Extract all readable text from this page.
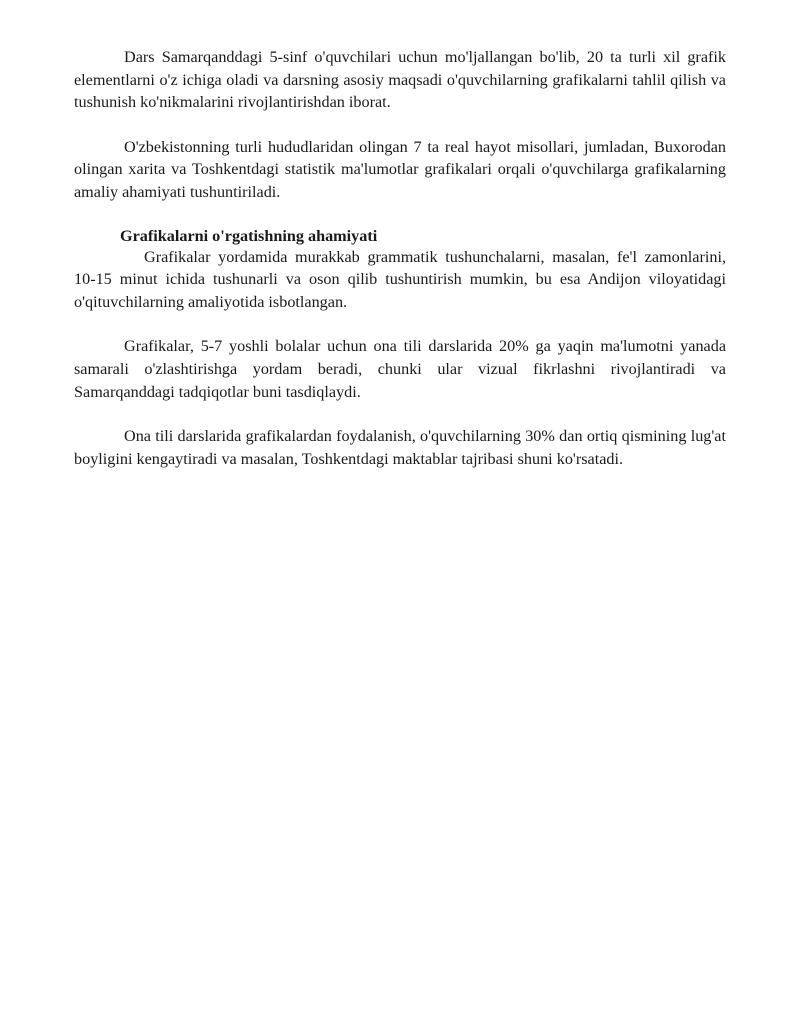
Dars Samarqanddagi 5-sinf o'quvchilari uchun mo'ljallangan bo'lib, 20 ta turli xil grafik elementlarni o'z ichiga oladi va darsning asosiy maqsadi o'quvchilarning grafikalarni tahlil qilish va tushunish ko'nikmalarini rivojlantirishdan iborat.

O'zbekistonning turli hududlaridan olingan 7 ta real hayot misollari, jumladan, Buxorodan olingan xarita va Toshkentdagi statistik ma'lumotlar grafikalari orqali o'quvchilarga grafikalarning amaliy ahamiyati tushuntiriladi.

Grafikalarni o'rgatishning ahamiyati

Grafikalar yordamida murakkab grammatik tushunchalarni, masalan, fe'l zamonlarini, 10-15 minut ichida tushunarli va oson qilib tushuntirish mumkin, bu esa Andijon viloyatidagi o'qituvchilarning amaliyotida isbotlangan.

Grafikalar, 5-7 yoshli bolalar uchun ona tili darslarida 20% ga yaqin ma'lumotni yanada samarali o'zlashtirishga yordam beradi, chunki ular vizual fikrlashni rivojlantiradi va Samarqanddagi tadqiqotlar buni tasdiqlaydi.

Ona tili darslarida grafikalardan foydalanish, o'quvchilarning 30% dan ortiq qismining lug'at boyligini kengaytiradi va masalan, Toshkentdagi maktablar tajribasi shuni ko'rsatadi.
